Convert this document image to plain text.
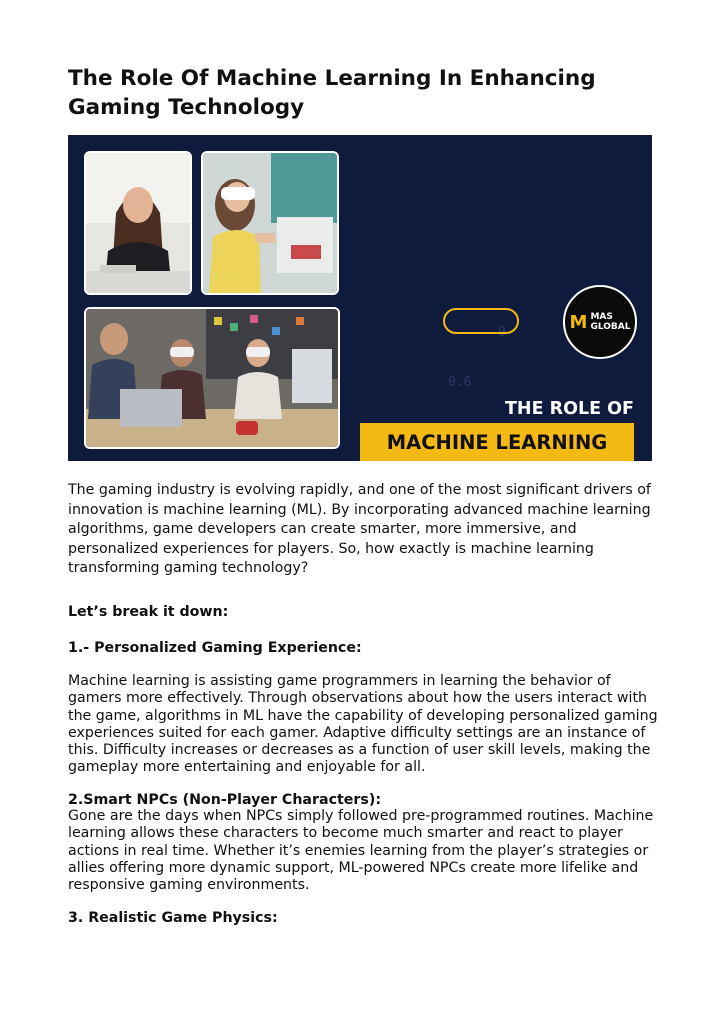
The Role Of Machine Learning In Enhancing Gaming Technology
9
0.6
M MAS
GLOBAL
THE ROLE OF
MACHINE LEARNING

The gaming industry is evolving rapidly, and one of the most significant drivers of innovation is machine learning (ML). By incorporating advanced machine learning algorithms, game developers can create smarter, more immersive, and personalized experiences for players. So, how exactly is machine learning transforming gaming technology?

Let’s break it down:

1.- Personalized Gaming Experience:

Machine learning is assisting game programmers in learning the behavior of gamers more effectively. Through observations about how the users interact with the game, algorithms in ML have the capability of developing personalized gaming experiences suited for each gamer. Adaptive difficulty settings are an instance of this. Difficulty increases or decreases as a function of user skill levels, making the gameplay more entertaining and enjoyable for all.

2.Smart NPCs (Non-Player Characters):

Gone are the days when NPCs simply followed pre-programmed routines. Machine learning allows these characters to become much smarter and react to player actions in real time. Whether it’s enemies learning from the player’s strategies or allies offering more dynamic support, ML-powered NPCs create more lifelike and responsive gaming environments.

3. Realistic Game Physics:
